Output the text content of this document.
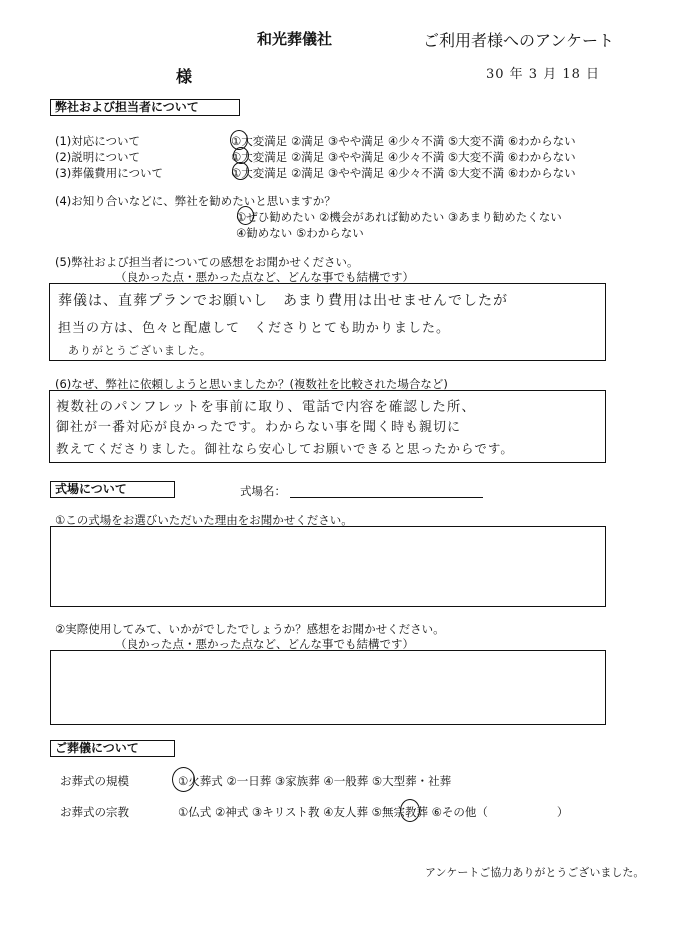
和光葬儀社	ご利用者様へのアンケート
様	30 年 3 月 18 日
弊社および担当者について
(1)対応について	①大変満足 ②満足 ③やや満足 ④少々不満 ⑤大変不満 ⑥わからない
(2)説明について	①大変満足 ②満足 ③やや満足 ④少々不満 ⑤大変不満 ⑥わからない
(3)葬儀費用について	①大変満足 ②満足 ③やや満足 ④少々不満 ⑤大変不満 ⑥わからない
(4)お知り合いなどに、弊社を勧めたいと思いますか？
①ぜひ勧めたい ②機会があれば勧めたい ③あまり勧めたくない
④勧めない ⑤わからない
(5)弊社および担当者についての感想をお聞かせください。
（良かった点・悪かった点など、どんな事でも結構です）
葬儀は、直葬プランでお願いし　あまり費用は出せませんでしたが
担当の方は、色々と配慮して　くださりとても助かりました。
ありがとうございました。
(6)なぜ、弊社に依頼しようと思いましたか？(複数社を比較された場合など)
複数社のパンフレットを事前に取り、電話で内容を確認した所、
御社が一番対応が良かったです。わからない事を聞く時も親切に
教えてくださりました。御社なら安心してお願いできると思ったからです。
式場について	式場名：
①この式場をお選びいただいた理由をお聞かせください。
②実際使用してみて、いかがでしたでしょうか？感想をお聞かせください。
（良かった点・悪かった点など、どんな事でも結構です）
ご葬儀について
お葬式の規模	①火葬式 ②一日葬 ③家族葬 ④一般葬 ⑤大型葬・社葬
お葬式の宗教	①仏式 ②神式 ③キリスト教 ④友人葬 ⑤無宗教葬 ⑥その他（　　　　　　）
アンケートご協力ありがとうございました。
